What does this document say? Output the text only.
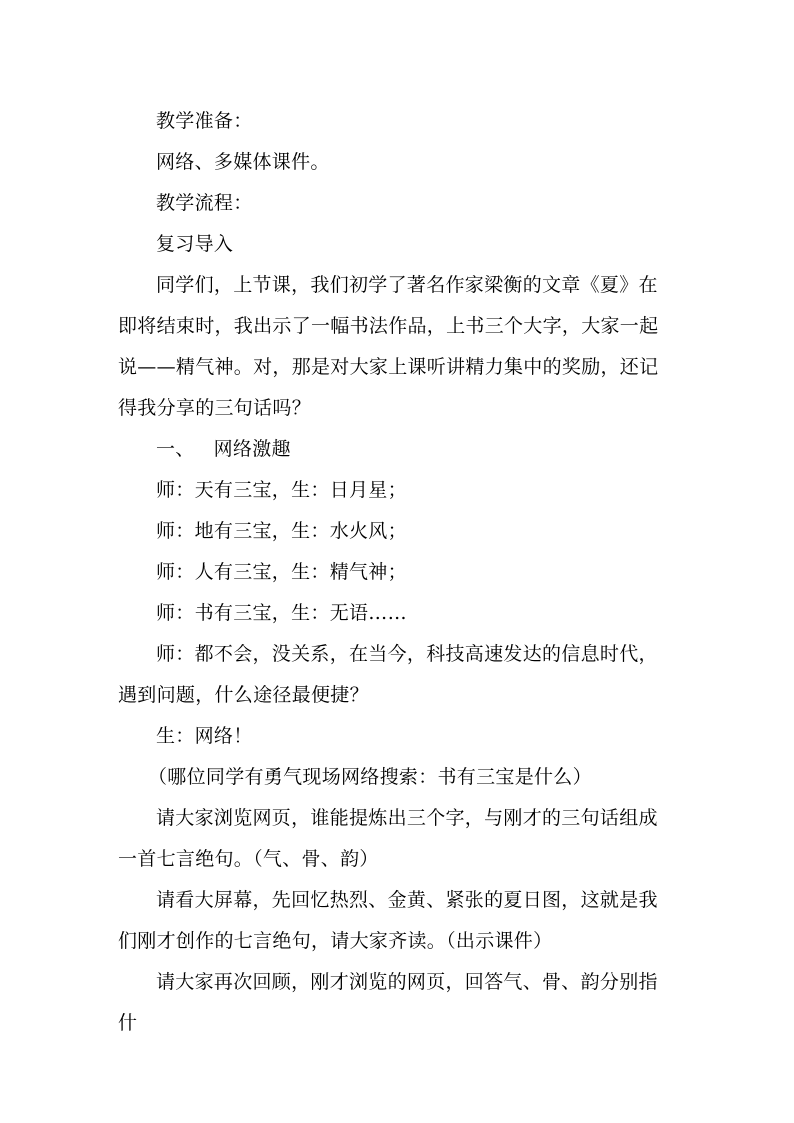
教学准备：

网络、多媒体课件。

教学流程：

复习导入

同学们，上节课，我们初学了著名作家梁衡的文章《夏》在即将结束时，我出示了一幅书法作品，上书三个大字，大家一起说——精气神。对，那是对大家上课听讲精力集中的奖励，还记得我分享的三句话吗？

一、 网络激趣

师：天有三宝，生：日月星；

师：地有三宝，生：水火风；

师：人有三宝，生：精气神；

师：书有三宝，生：无语……

师：都不会，没关系，在当今，科技高速发达的信息时代，遇到问题，什么途径最便捷？

生：网络！

（哪位同学有勇气现场网络搜索：书有三宝是什么）

请大家浏览网页，谁能提炼出三个字，与刚才的三句话组成一首七言绝句。（气、骨、韵）

请看大屏幕，先回忆热烈、金黄、紧张的夏日图，这就是我们刚才创作的七言绝句，请大家齐读。（出示课件）

请大家再次回顾，刚才浏览的网页，回答气、骨、韵分别指什
